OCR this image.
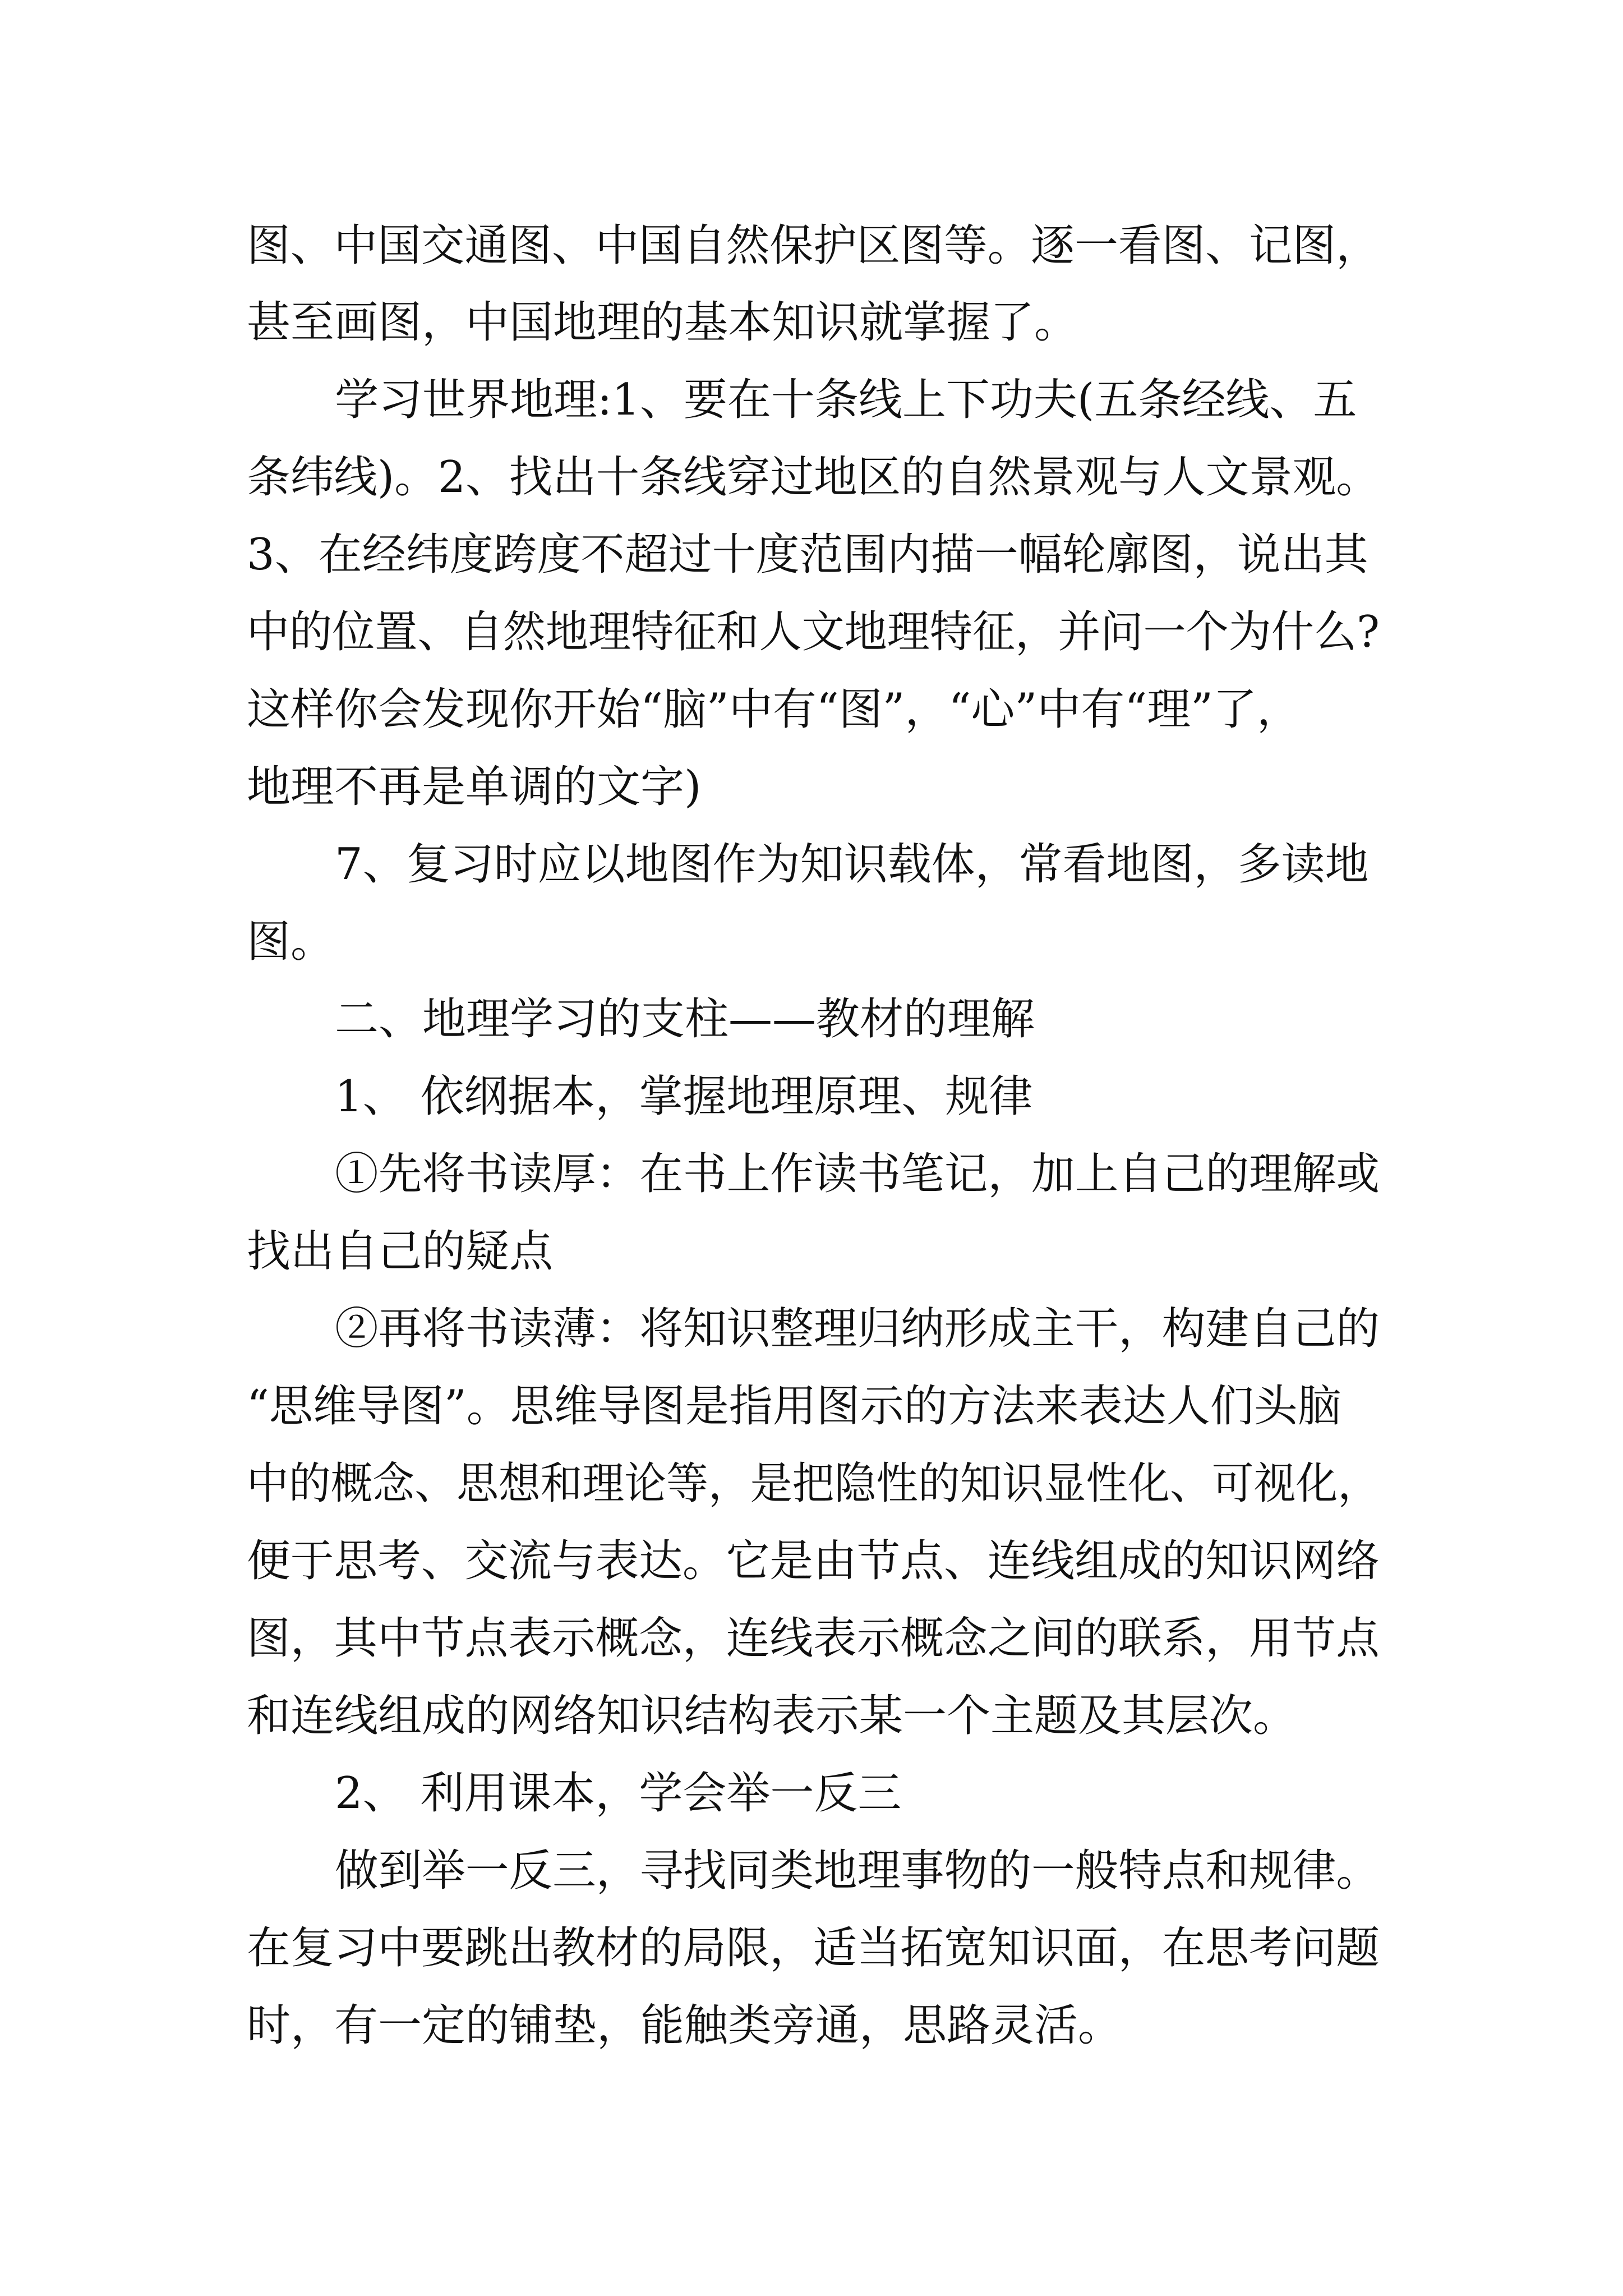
图、中国交通图、中国自然保护区图等。逐一看图、记图，
甚至画图，中国地理的基本知识就掌握了。
学习世界地理:1、要在十条线上下功夫(五条经线、五
条纬线)。2、找出十条线穿过地区的自然景观与人文景观。
3、在经纬度跨度不超过十度范围内描一幅轮廓图，说出其
中的位置、自然地理特征和人文地理特征，并问一个为什么?
这样你会发现你开始“脑”中有“图”，“心”中有“理”了，
地理不再是单调的文字)
7、复习时应以地图作为知识载体，常看地图，多读地
图。
二、地理学习的支柱——教材的理解
1、 依纲据本，掌握地理原理、规律
①先将书读厚：在书上作读书笔记，加上自己的理解或
找出自己的疑点
②再将书读薄：将知识整理归纳形成主干，构建自己的
“思维导图”。思维导图是指用图示的方法来表达人们头脑
中的概念、思想和理论等，是把隐性的知识显性化、可视化，
便于思考、交流与表达。它是由节点、连线组成的知识网络
图，其中节点表示概念，连线表示概念之间的联系，用节点
和连线组成的网络知识结构表示某一个主题及其层次。
2、 利用课本，学会举一反三
做到举一反三，寻找同类地理事物的一般特点和规律。
在复习中要跳出教材的局限，适当拓宽知识面，在思考问题
时，有一定的铺垫，能触类旁通，思路灵活。
